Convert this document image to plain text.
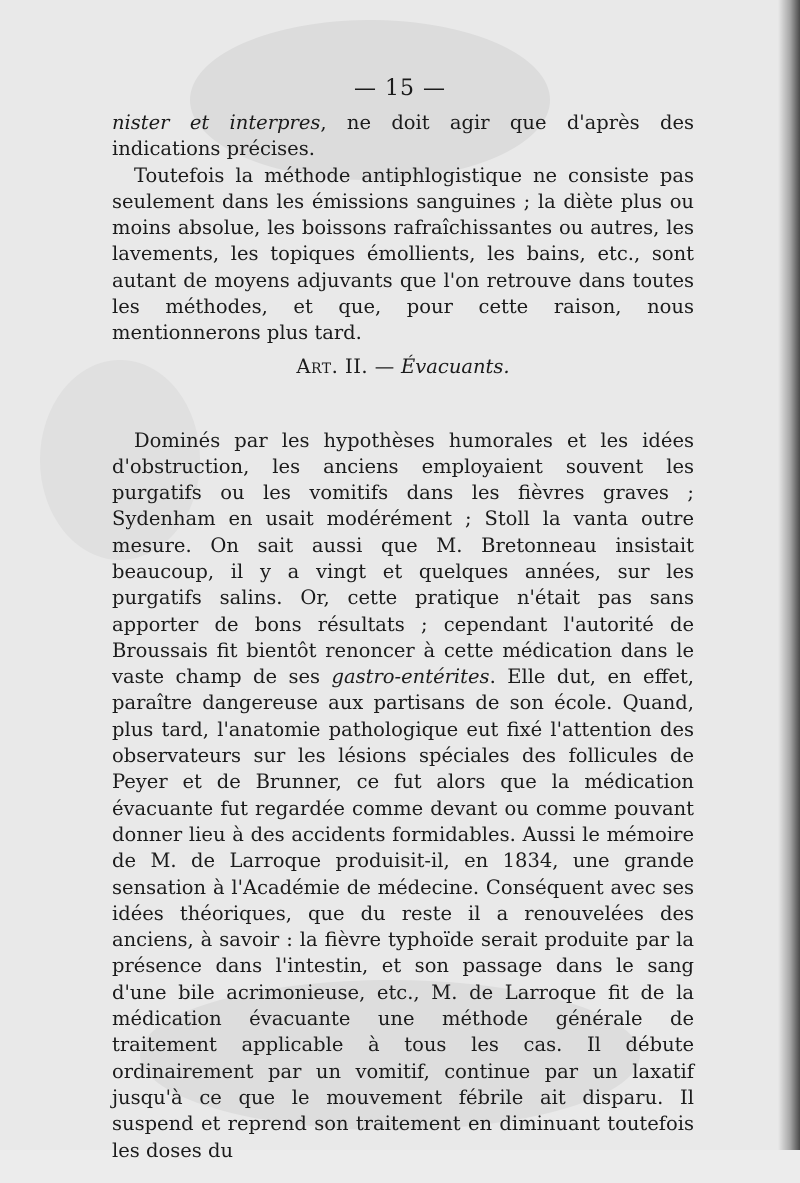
— 15 —

nister et interpres, ne doit agir que d'après des indications précises.

Toutefois la méthode antiphlogistique ne consiste pas seulement dans les émissions sanguines ; la diète plus ou moins absolue, les boissons rafraîchissantes ou autres, les lavements, les topiques émollients, les bains, etc., sont autant de moyens adjuvants que l'on retrouve dans toutes les méthodes, et que, pour cette raison, nous mentionnerons plus tard.

Art. II. — Évacuants.

Dominés par les hypothèses humorales et les idées d'obstruction, les anciens employaient souvent les purgatifs ou les vomitifs dans les fièvres graves ; Sydenham en usait modérément ; Stoll la vanta outre mesure. On sait aussi que M. Bretonneau insistait beaucoup, il y a vingt et quelques années, sur les purgatifs salins. Or, cette pratique n'était pas sans apporter de bons résultats ; cependant l'autorité de Broussais fit bientôt renoncer à cette médication dans le vaste champ de ses gastro-entérites. Elle dut, en effet, paraître dangereuse aux partisans de son école. Quand, plus tard, l'anatomie pathologique eut fixé l'attention des observateurs sur les lésions spéciales des follicules de Peyer et de Brunner, ce fut alors que la médication évacuante fut regardée comme devant ou comme pouvant donner lieu à des accidents formidables. Aussi le mémoire de M. de Larroque produisit-il, en 1834, une grande sensation à l'Académie de médecine. Conséquent avec ses idées théoriques, que du reste il a renouvelées des anciens, à savoir : la fièvre typhoïde serait produite par la présence dans l'intestin, et son passage dans le sang d'une bile acrimonieuse, etc., M. de Larroque fit de la médication évacuante une méthode générale de traitement applicable à tous les cas. Il débute ordinairement par un vomitif, continue par un laxatif jusqu'à ce que le mouvement fébrile ait disparu. Il suspend et reprend son traitement en diminuant toutefois les doses du
